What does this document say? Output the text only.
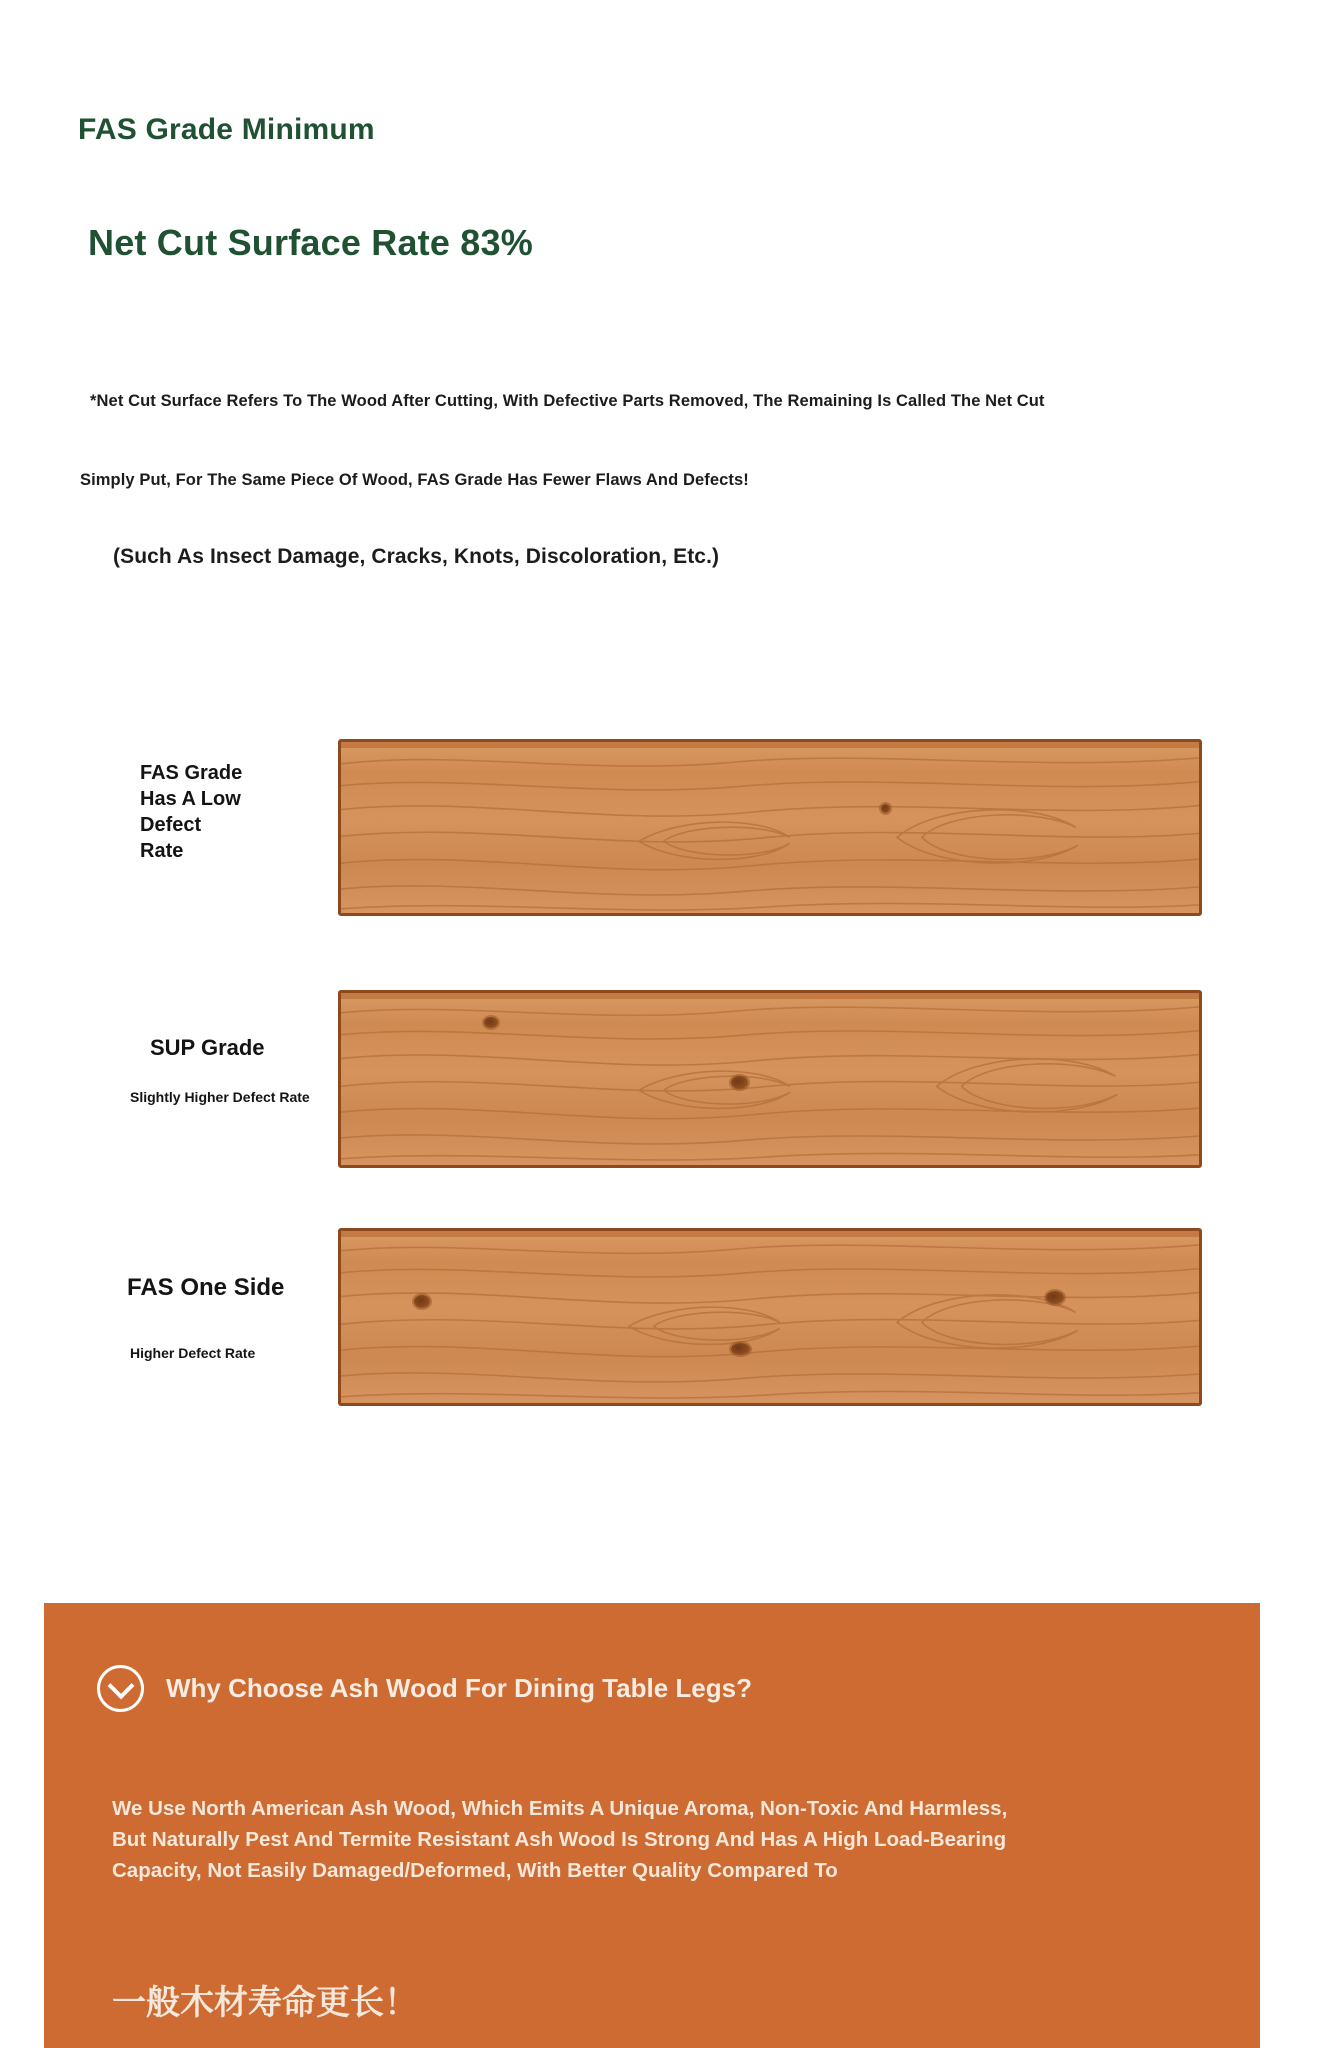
FAS Grade Minimum
Net Cut Surface Rate 83%
*Net Cut Surface Refers To The Wood After Cutting, With Defective Parts Removed, The Remaining Is Called The Net Cut
Simply Put, For The Same Piece Of Wood, FAS Grade Has Fewer Flaws And Defects!
(Such As Insect Damage, Cracks, Knots, Discoloration, Etc.)
FAS Grade Has A Low Defect Rate
SUP Grade
Slightly Higher Defect Rate
FAS One Side
Higher Defect Rate
Why Choose Ash Wood For Dining Table Legs?
We Use North American Ash Wood, Which Emits A Unique Aroma, Non-Toxic And Harmless, But Naturally Pest And Termite Resistant Ash Wood Is Strong And Has A High Load-Bearing Capacity, Not Easily Damaged/Deformed, With Better Quality Compared To
一般木材寿命更长！
